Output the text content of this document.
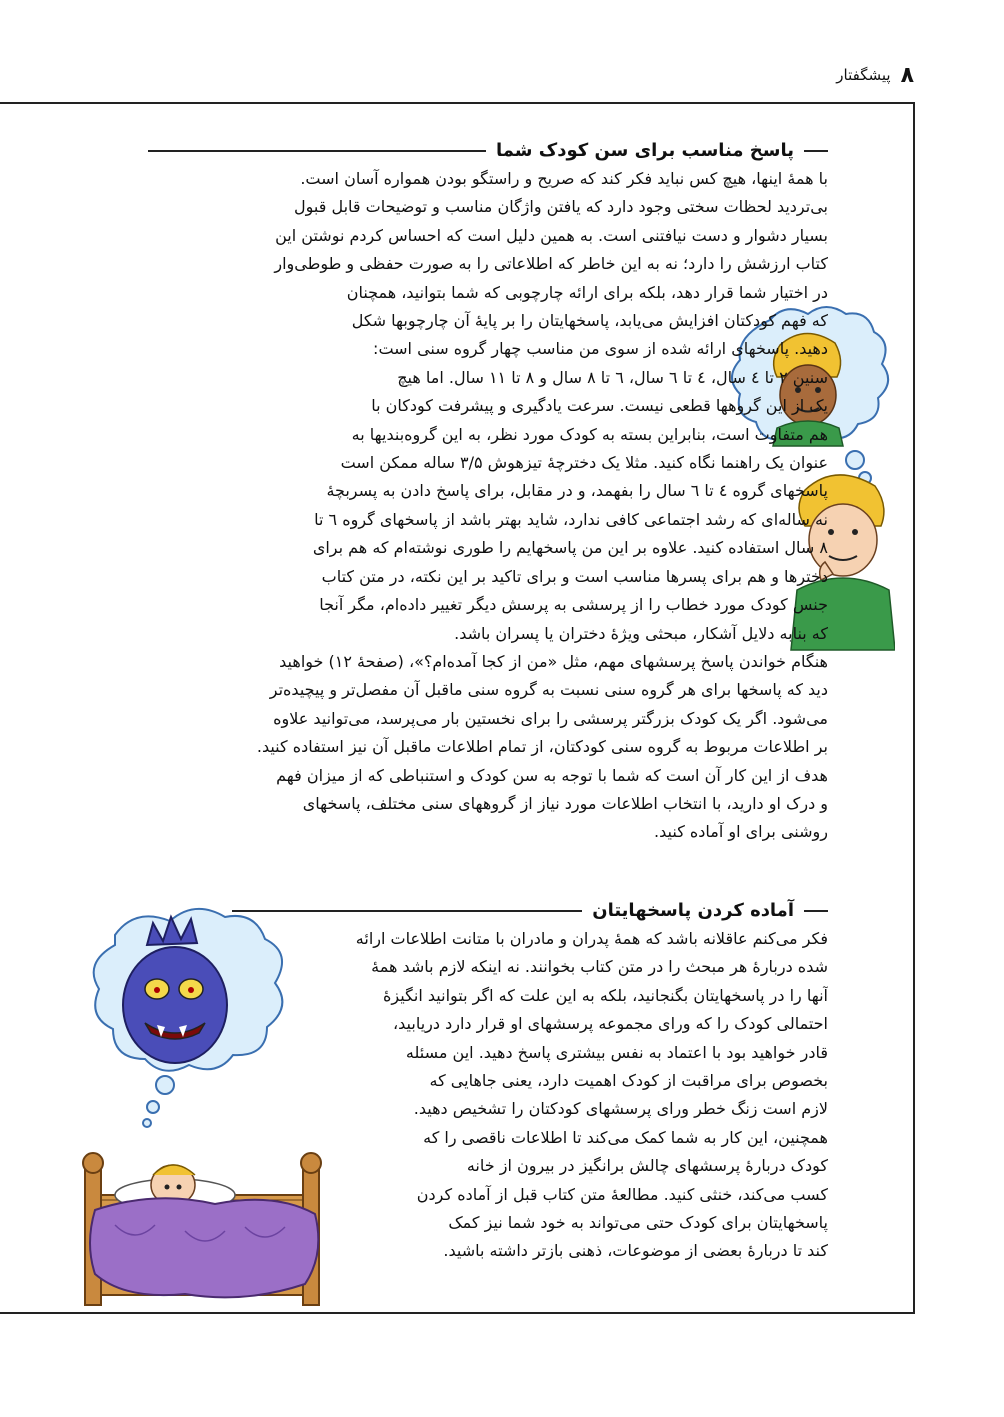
۸
پیشگفتار
پاسخ مناسب برای سن کودک شما
با همهٔ اینها، هیچ کس نباید فکر کند که صریح و راستگو بودن همواره آسان است.
بی‌تردید لحظات سختی وجود دارد که یافتن واژگان مناسب و توضیحات قابل قبول
بسیار دشوار و دست نیافتنی است. به همین دلیل است که احساس کردم نوشتن این
کتاب ارزشش را دارد؛ نه به این خاطر که اطلاعاتی را به صورت حفظی و طوطی‌وار
در اختیار شما قرار دهد، بلکه برای ارائه چارچوبی که شما بتوانید، همچنان
که فهم کودکتان افزایش می‌یابد، پاسخهایتان را بر پایهٔ آن چارچوبها شکل
دهید. پاسخهای ارائه شده از سوی من مناسب چهار گروه سنی است:
سنین ۲ تا ٤ سال، ٤ تا ٦ سال، ٦ تا ۸ سال و ۸ تا ۱۱ سال. اما هیچ
یک از این گروهها قطعی نیست. سرعت یادگیری و پیشرفت کودکان با
هم متفاوت است، بنابراین بسته به کودک مورد نظر، به این گروه‌بندیها به
عنوان یک راهنما نگاه کنید. مثلا یک دخترچهٔ تیزهوش ۳/۵ ساله ممکن است
پاسخهای گروه ٤ تا ٦ سال را بفهمد، و در مقابل، برای پاسخ دادن به پسربچهٔ
نه ساله‌ای که رشد اجتماعی کافی ندارد، شاید بهتر باشد از پاسخهای گروه ٦ تا
۸ سال استفاده کنید. علاوه بر این من پاسخهایم را طوری نوشته‌ام که هم برای
دخترها و هم برای پسرها مناسب است و برای تاکید بر این نکته، در متن کتاب
جنس کودک مورد خطاب را از پرسشی به پرسش دیگر تغییر داده‌ام، مگر آنجا
که بنابه دلایل آشکار، مبحثی ویژهٔ دختران یا پسران باشد.
هنگام خواندن پاسخ پرسشهای مهم، مثل «من از کجا آمده‌ام؟»، (صفحهٔ ۱۲) خواهید
دید که پاسخها برای هر گروه سنی نسبت به گروه سنی ماقبل آن مفصل‌تر و پیچیده‌تر
می‌شود. اگر یک کودک بزرگتر پرسشی را برای نخستین بار می‌پرسد، می‌توانید علاوه
بر اطلاعات مربوط به گروه سنی کودکتان، از تمام اطلاعات ماقبل آن نیز استفاده کنید.
هدف از این کار آن است که شما با توجه به سن کودک و استنباطی که از میزان فهم
و درک او دارید، با انتخاب اطلاعات مورد نیاز از گروههای سنی مختلف، پاسخهای
روشنی برای او آماده کنید.
آماده کردن پاسخهایتان
فکر می‌کنم عاقلانه باشد که همهٔ پدران و مادران با متانت اطلاعات ارائه
شده دربارهٔ هر مبحث را در متن کتاب بخوانند. نه اینکه لازم باشد همهٔ
آنها را در پاسخهایتان بگنجانید، بلکه به این علت که اگر بتوانید انگیزهٔ
احتمالی کودک را که ورای مجموعه پرسشهای او قرار دارد دریابید،
قادر خواهید بود با اعتماد به نفس بیشتری پاسخ دهید. این مسئله
بخصوص برای مراقبت از کودک اهمیت دارد، یعنی جاهایی که
لازم است زنگ خطر ورای پرسشهای کودکتان را تشخیص دهید.
همچنین، این کار به شما کمک می‌کند تا اطلاعات ناقصی را که
کودک دربارهٔ پرسشهای چالش برانگیز در بیرون از خانه
کسب می‌کند، خنثی کنید. مطالعهٔ متن کتاب قبل از آماده کردن
پاسخهایتان برای کودک حتی می‌تواند به خود شما نیز کمک
کند تا دربارهٔ بعضی از موضوعات، ذهنی بازتر داشته باشید.
